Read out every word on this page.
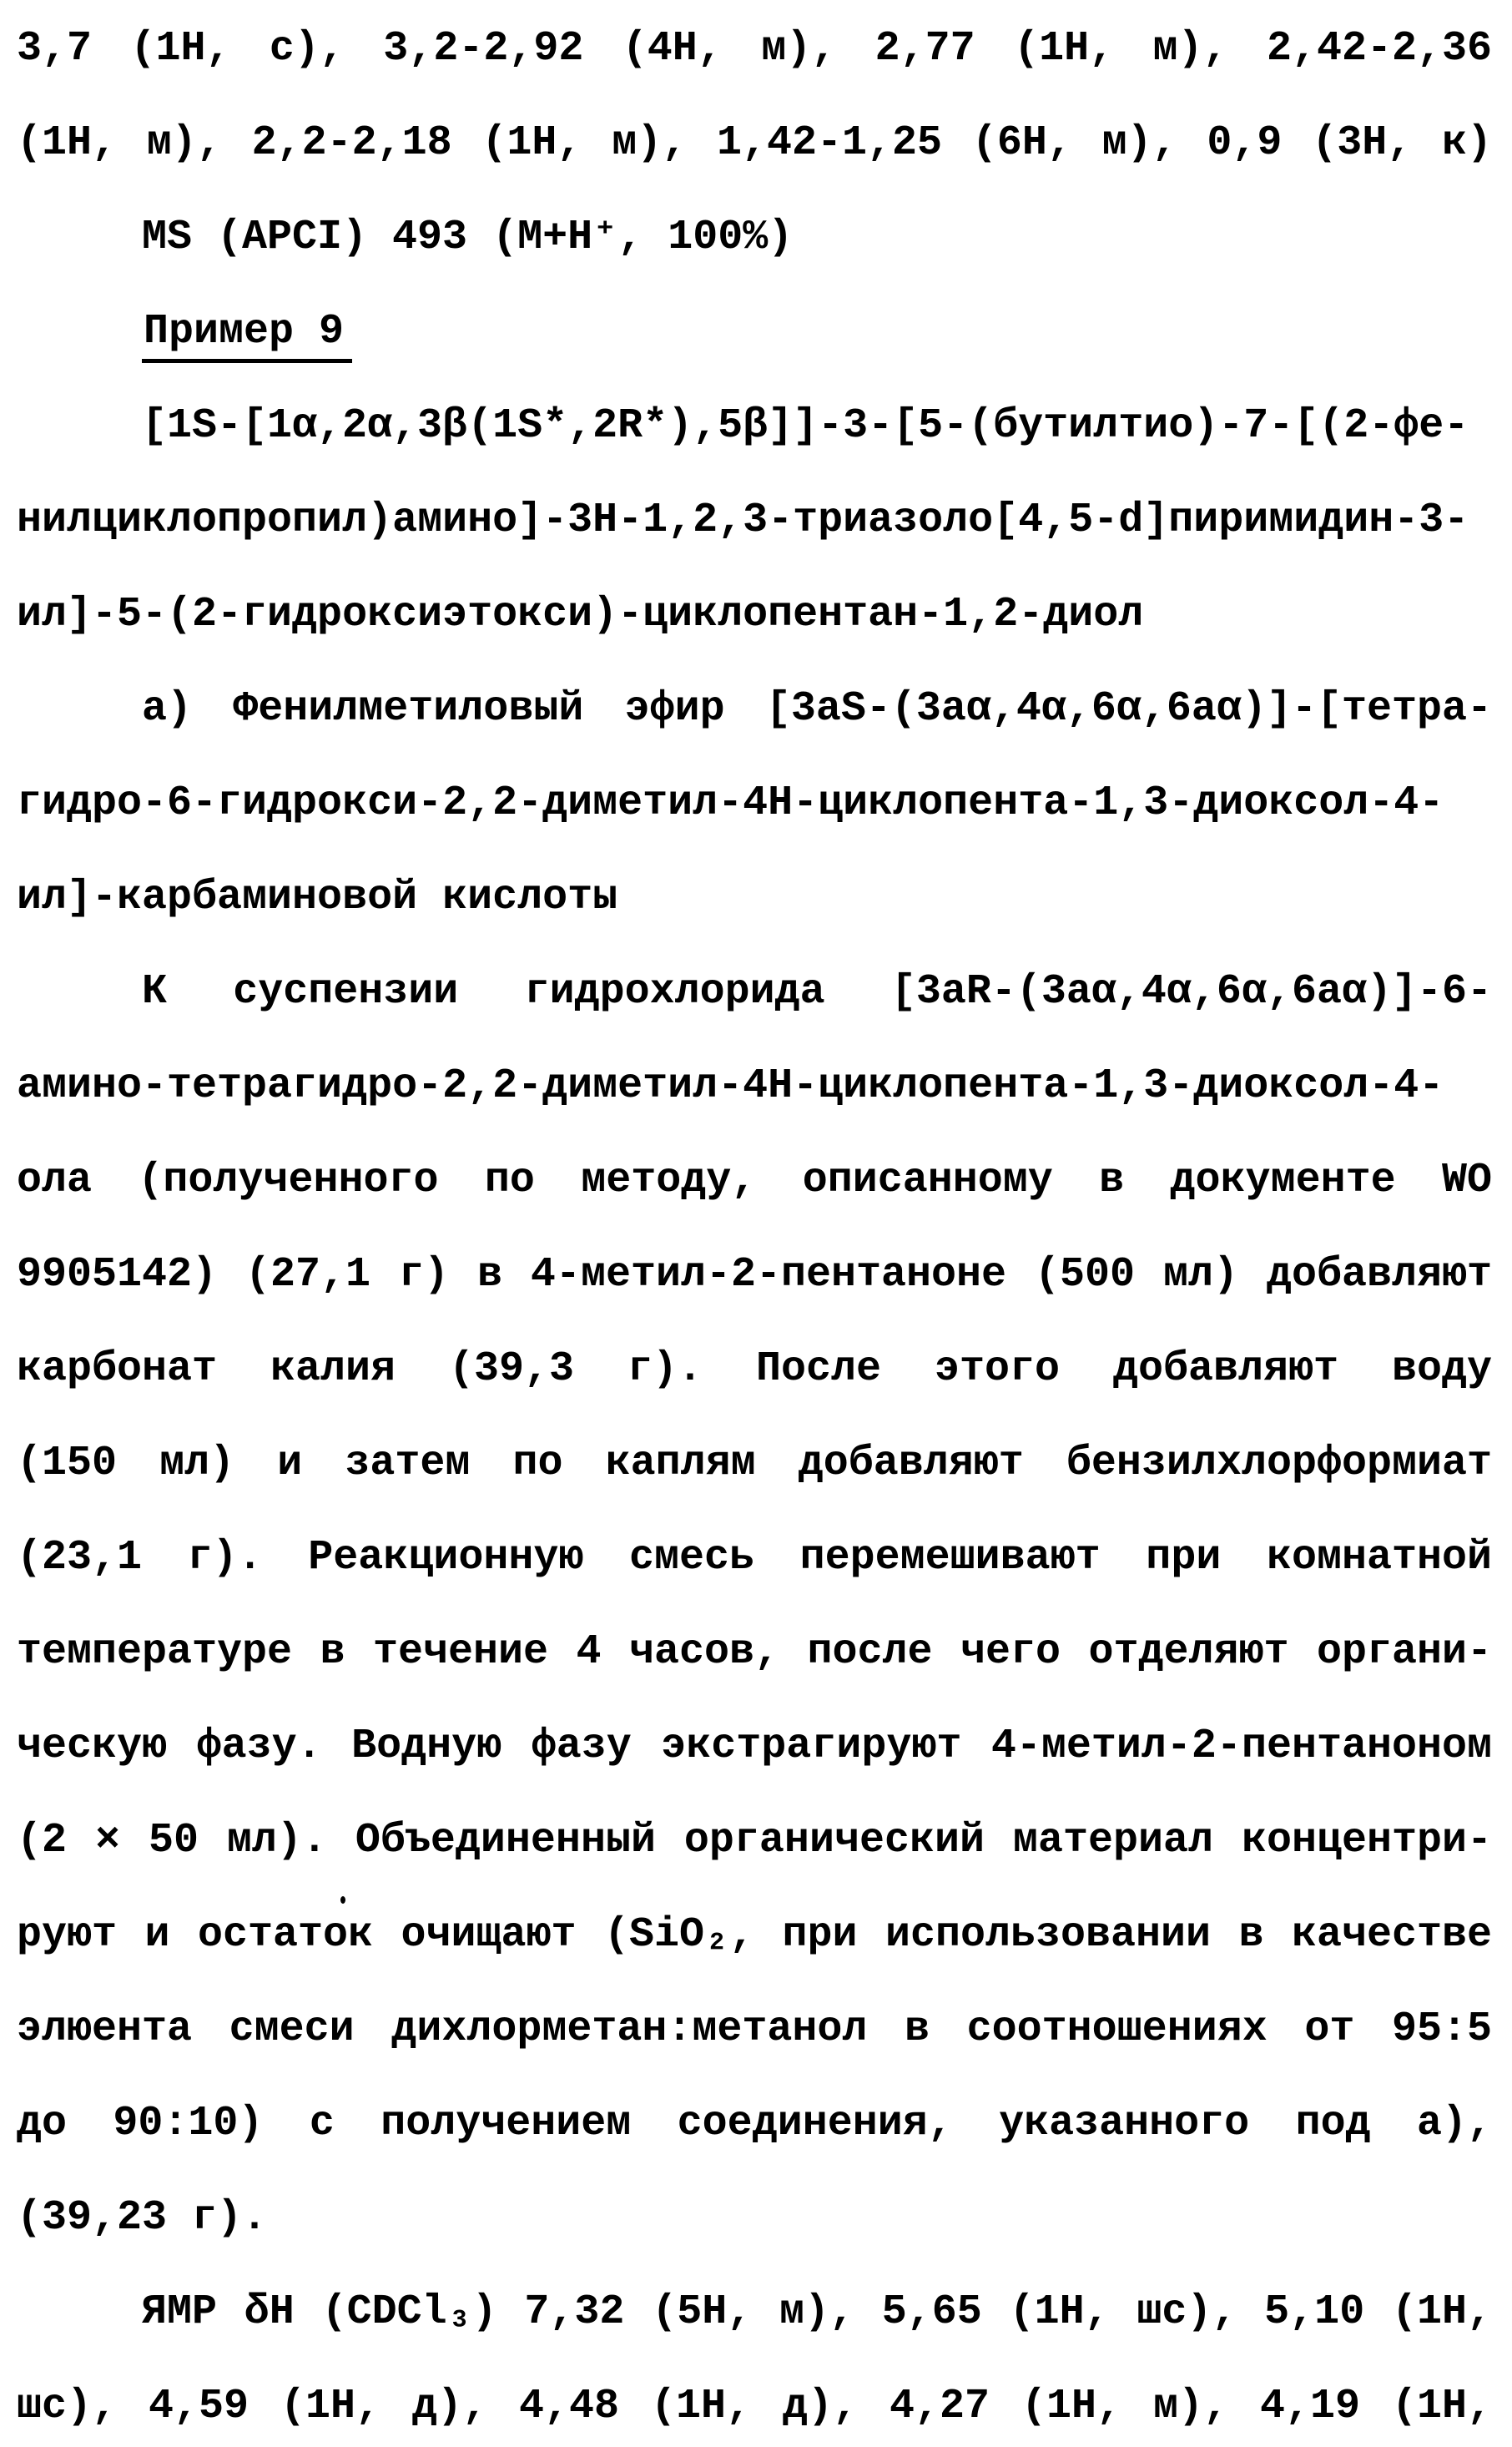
3,7 (1Н, с), 3,2-2,92 (4Н, м), 2,77 (1Н, м), 2,42-2,36
(1Н, м), 2,2-2,18 (1Н, м), 1,42-1,25 (6Н, м), 0,9 (3Н, к)
MS (APCI) 493 (M+H⁺, 100%)
Пример 9
[1S-[1α,2α,3β(1S*,2R*),5β]]-3-[5-(бутилтио)-7-[(2-фе-
нилциклопропил)амино]-3Н-1,2,3-триазоло[4,5-d]пиримидин-3-
ил]-5-(2-гидроксиэтокси)-циклопентан-1,2-диол
а) Фенилметиловый эфир [3aS-(3aα,4α,6α,6aα)]-[тетра-
гидро-6-гидрокси-2,2-диметил-4Н-циклопента-1,3-диоксол-4-
ил]-карбаминовой кислоты
К суспензии гидрохлорида [3aR-(3aα,4α,6α,6aα)]-6-
амино-тетрагидро-2,2-диметил-4Н-циклопента-1,3-диоксол-4-
ола (полученного по методу, описанному в документе WO
9905142) (27,1 г) в 4-метил-2-пентаноне (500 мл) добавляют
карбонат калия (39,3 г). После этого добавляют воду
(150 мл) и затем по каплям добавляют бензилхлорформиат
(23,1 г). Реакционную смесь перемешивают при комнатной
температуре в течение 4 часов, после чего отделяют органи-
ческую фазу. Водную фазу экстрагируют 4-метил-2-пентаноном
(2 × 50 мл). Объединенный органический материал концентри-
руют и остаток очищают (SiO₂, при использовании в качестве
элюента смеси дихлорметан:метанол в соотношениях от 95:5
до 90:10) с получением соединения, указанного под а),
(39,23 г).
ЯМР δН (CDCl₃) 7,32 (5Н, м), 5,65 (1Н, шс), 5,10 (1Н,
шс), 4,59 (1Н, д), 4,48 (1Н, д), 4,27 (1Н, м), 4,19 (1Н,
